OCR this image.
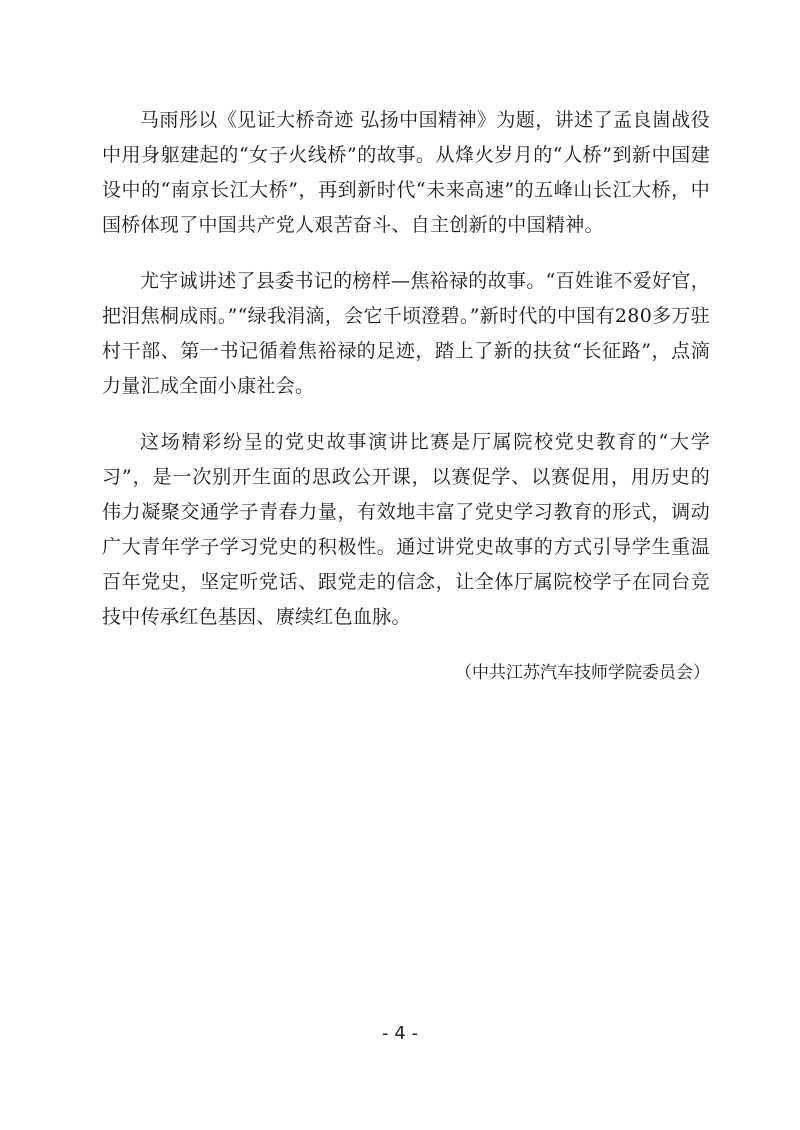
马雨彤以《见证大桥奇迹 弘扬中国精神》为题，讲述了孟良崮战役中用身躯建起的“女子火线桥”的故事。从烽火岁月的“人桥”到新中国建设中的“南京长江大桥”，再到新时代“未来高速”的五峰山长江大桥，中国桥体现了中国共产党人艰苦奋斗、自主创新的中国精神。

尤宇诚讲述了县委书记的榜样—焦裕禄的故事。“百姓谁不爱好官，把泪焦桐成雨。”“绿我涓滴，会它千顷澄碧。”新时代的中国有280多万驻村干部、第一书记循着焦裕禄的足迹，踏上了新的扶贫“长征路”，点滴力量汇成全面小康社会。

这场精彩纷呈的党史故事演讲比赛是厅属院校党史教育的“大学习”，是一次别开生面的思政公开课，以赛促学、以赛促用，用历史的伟力凝聚交通学子青春力量，有效地丰富了党史学习教育的形式，调动广大青年学子学习党史的积极性。通过讲党史故事的方式引导学生重温百年党史，坚定听党话、跟党走的信念，让全体厅属院校学子在同台竞技中传承红色基因、赓续红色血脉。

（中共江苏汽车技师学院委员会）
- 4 -
